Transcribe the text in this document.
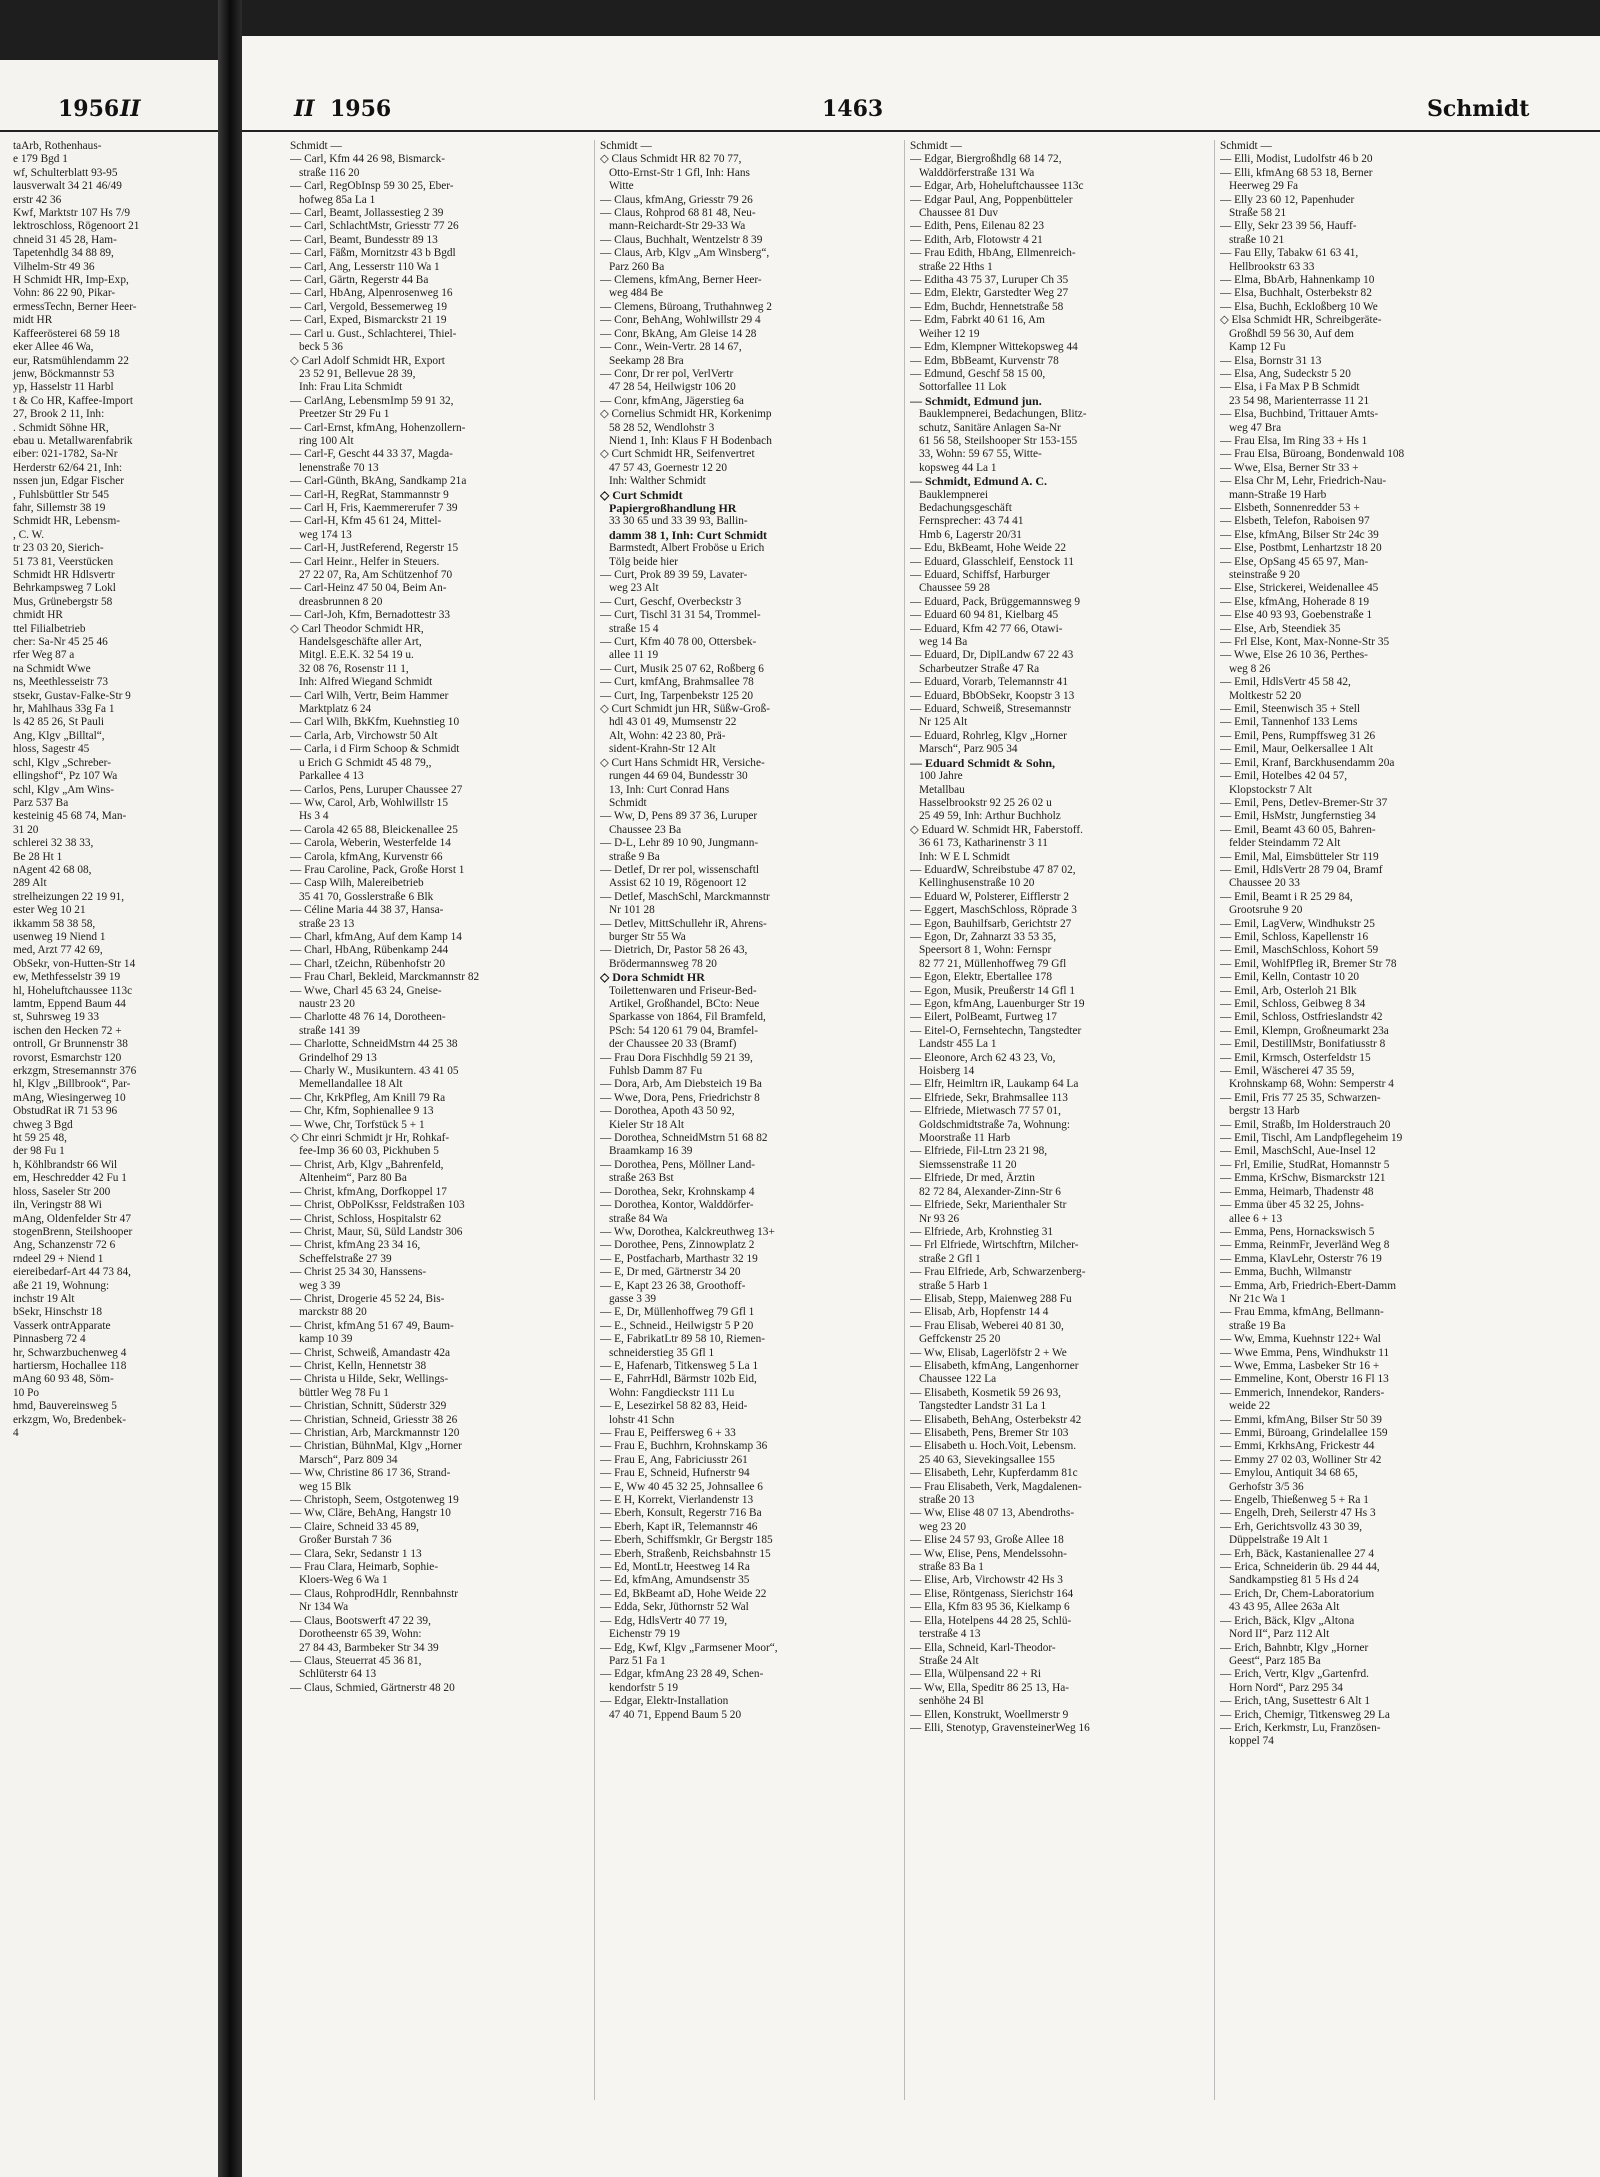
1956 II

taArb, Rothenhaus-

e 179 Bgd 1

wf, Schulterblatt 93-95

lausverwalt 34 21 46/49

erstr 42 36

Kwf, Marktstr 107 Hs 7/9

lektroschloss, Rögenoort 21

chneid 31 45 28, Ham-

Tapetenhdlg 34 88 89,

Vilhelm-Str 49 36

H Schmidt HR, Imp-Exp,

Vohn: 86 22 90, Pikar-

ermessTechn, Berner Heer-

midt HR

Kaffeerösterei 68 59 18

eker Allee 46 Wa,

eur, Ratsmühlendamm 22

jenw, Böckmannstr 53

yp, Hasselstr 11 Harbl

t & Co HR, Kaffee-Import

27, Brook 2 11, Inh:

. Schmidt Söhne HR,

ebau u. Metallwarenfabrik

eiber: 021-1782, Sa-Nr

Herderstr 62/64 21, Inh:

nssen jun, Edgar Fischer

, Fuhlsbüttler Str 545

fahr, Sillemstr 38 19

Schmidt HR, Lebensm-

, C. W.

tr 23 03 20, Sierich-

51 73 81, Veerstücken

Schmidt HR Hdlsvertr

Behrkampsweg 7 Lokl

Mus, Grünebergstr 58

chmidt HR

ttel Filialbetrieb

cher: Sa-Nr 45 25 46

rfer Weg 87 a

na Schmidt Wwe

ns, Meethlesseistr 73

stsekr, Gustav-Falke-Str 9

hr, Mahlhaus 33g Fa 1

ls 42 85 26, St Pauli

Ang, Klgv „Billtal“,

hloss, Sagestr 45

schl, Klgv „Schreber-

ellingshof“, Pz 107 Wa

schl, Klgv „Am Wins-

Parz 537 Ba

kesteinig 45 68 74, Man-

31 20

schlerei 32 38 33,

Be 28 Ht 1

nAgent 42 68 08,

289 Alt

strelheizungen 22 19 91,

ester Weg 10 21

ikkamm 58 38 58,

usenweg 19 Niend 1

med, Arzt 77 42 69,

ObSekr, von-Hutten-Str 14

ew, Methfesselstr 39 19

hl, Hoheluftchaussee 113c

lamtm, Eppend Baum 44

st, Suhrsweg 19 33

ischen den Hecken 72 +

ontroll, Gr Brunnenstr 38

rovorst, Esmarchstr 120

erkzgm, Stresemannstr 376

hl, Klgv „Billbrook“, Par-

mAng, Wiesingerweg 10

ObstudRat iR 71 53 96

chweg 3 Bgd

ht 59 25 48,

der 98 Fu 1

h, Köhlbrandstr 66 Wil

em, Heschredder 42 Fu 1

hloss, Saseler Str 200

iln, Veringstr 88 Wi

mAng, Oldenfelder Str 47

stogenBrenn, Steilshooper

Ang, Schanzenstr 72 6

rndeel 29 + Niend 1

eiereibedarf-Art 44 73 84,

aße 21 19, Wohnung:

inchstr 19 Alt

bSekr, Hinschstr 18

Vasserk ontrApparate

Pinnasberg 72 4

hr, Schwarzbuchenweg 4

hartiersm, Hochallee 118

mAng 60 93 48, Söm-

10 Po

hmd, Bauvereinsweg 5

erkzgm, Wo, Bredenbek-

4

II 1956	1463	Schmidt

Schmidt —

— Carl, Kfm 44 26 98, Bismarck-

straße 116 20

— Carl, RegObInsp 59 30 25, Eber-

hofweg 85a La 1

— Carl, Beamt, Jollassestieg 2 39

— Carl, SchlachtMstr, Griesstr 77 26

— Carl, Beamt, Bundesstr 89 13

— Carl, Fäßm, Mornitzstr 43 b Bgdl

— Carl, Ang, Lesserstr 110 Wa 1

— Carl, Gärtn, Regerstr 44 Ba

— Carl, HbAng, Alpenrosenweg 16

— Carl, Vergold, Bessemerweg 19

— Carl, Exped, Bismarckstr 21 19

— Carl u. Gust., Schlachterei, Thiel-

beck 5 36

◇ Carl Adolf Schmidt HR, Export

23 52 91, Bellevue 28 39,

Inh: Frau Lita Schmidt

— CarlAng, LebensmImp 59 91 32,

Preetzer Str 29 Fu 1

— Carl-Ernst, kfmAng, Hohenzollern-

ring 100 Alt

— Carl-F, Gescht 44 33 37, Magda-

lenenstraße 70 13

— Carl-Günth, BkAng, Sandkamp 21a

— Carl-H, RegRat, Stammannstr 9

— Carl H, Fris, Kaemmererufer 7 39

— Carl-H, Kfm 45 61 24, Mittel-

weg 174 13

— Carl-H, JustReferend, Regerstr 15

— Carl Heinr., Helfer in Steuers.

27 22 07, Ra, Am Schützenhof 70

— Carl-Heinz 47 50 04, Beim An-

dreasbrunnen 8 20

— Carl-Joh, Kfm, Bernadottestr 33

◇ Carl Theodor Schmidt HR,

Handelsgeschäfte aller Art,

Mitgl. E.E.K. 32 54 19 u.

32 08 76, Rosenstr 11 1,

Inh: Alfred Wiegand Schmidt

— Carl Wilh, Vertr, Beim Hammer

Marktplatz 6 24

— Carl Wilh, BkKfm, Kuehnstieg 10

— Carla, Arb, Virchowstr 50 Alt

— Carla, i d Firm Schoop & Schmidt

u Erich G Schmidt 45 48 79,,

Parkallee 4 13

— Carlos, Pens, Luruper Chaussee 27

— Ww, Carol, Arb, Wohlwillstr 15

Hs 3 4

— Carola 42 65 88, Bleickenallee 25

— Carola, Weberin, Westerfelde 14

— Carola, kfmAng, Kurvenstr 66

— Frau Caroline, Pack, Große Horst 1

— Casp Wilh, Malereibetrieb

35 41 70, Gosslerstraße 6 Blk

— Céline Maria 44 38 37, Hansa-

straße 23 13

— Charl, kfmAng, Auf dem Kamp 14

— Charl, HbAng, Rübenkamp 244

— Charl, tZeichn, Rübenhofstr 20

— Frau Charl, Bekleid, Marckmannstr 82

— Wwe, Charl 45 63 24, Gneise-

naustr 23 20

— Charlotte 48 76 14, Dorotheen-

straße 141 39

— Charlotte, SchneidMstrn 44 25 38

Grindelhof 29 13

— Charly W., Musikuntern. 43 41 05

Memellandallee 18 Alt

— Chr, KrkPfleg, Am Knill 79 Ra

— Chr, Kfm, Sophienallee 9 13

— Wwe, Chr, Torfstück 5 + 1

◇ Chr einri Schmidt jr Hr, Rohkaf-

fee-Imp 36 60 03, Pickhuben 5

— Christ, Arb, Klgv „Bahrenfeld,

Altenheim“, Parz 80 Ba

— Christ, kfmAng, Dorfkoppel 17

— Christ, ObPolKssr, Feldstraßen 103

— Christ, Schloss, Hospitalstr 62

— Christ, Maur, Sü, Süld Landstr 306

— Christ, kfmAng 23 34 16,

Scheffelstraße 27 39

— Christ 25 34 30, Hanssens-

weg 3 39

— Christ, Drogerie 45 52 24, Bis-

marckstr 88 20

— Christ, kfmAng 51 67 49, Baum-

kamp 10 39

— Christ, Schweiß, Amandastr 42a

— Christ, Kelln, Hennetstr 38

— Christa u Hilde, Sekr, Wellings-

büttler Weg 78 Fu 1

— Christian, Schnitt, Süderstr 329

— Christian, Schneid, Griesstr 38 26

— Christian, Arb, Marckmannstr 120

— Christian, BühnMal, Klgv „Horner

Marsch“, Parz 809 34

— Ww, Christine 86 17 36, Strand-

weg 15 Blk

— Christoph, Seem, Ostgotenweg 19

— Ww, Cläre, BehAng, Hangstr 10

— Claire, Schneid 33 45 89,

Großer Burstah 7 36

— Clara, Sekr, Sedanstr 1 13

— Frau Clara, Heimarb, Sophie-

Kloers-Weg 6 Wa 1

— Claus, RohprodHdlr, Rennbahnstr

Nr 134 Wa

— Claus, Bootswerft 47 22 39,

Dorotheenstr 65 39, Wohn:

27 84 43, Barmbeker Str 34 39

— Claus, Steuerrat 45 36 81,

Schlüterstr 64 13

— Claus, Schmied, Gärtnerstr 48 20

Schmidt —

◇ Claus Schmidt HR 82 70 77,

Otto-Ernst-Str 1 Gfl, Inh: Hans

Witte

— Claus, kfmAng, Griesstr 79 26

— Claus, Rohprod 68 81 48, Neu-

mann-Reichardt-Str 29-33 Wa

— Claus, Buchhalt, Wentzelstr 8 39

— Claus, Arb, Klgv „Am Winsberg“,

Parz 260 Ba

— Clemens, kfmAng, Berner Heer-

weg 484 Be

— Clemens, Büroang, Truthahnweg 2

— Conr, BehAng, Wohlwillstr 29 4

— Conr, BkAng, Am Gleise 14 28

— Conr., Wein-Vertr. 28 14 67,

Seekamp 28 Bra

— Conr, Dr rer pol, VerlVertr

47 28 54, Heilwigstr 106 20

— Conr, kfmAng, Jägerstieg 6a

◇ Cornelius Schmidt HR, Korkenimp

58 28 52, Wendlohstr 3

Niend 1, Inh: Klaus F H Bodenbach

◇ Curt Schmidt HR, Seifenvertret

47 57 43, Goernestr 12 20

Inh: Walther Schmidt

◇ Curt Schmidt

Papiergroßhandlung HR

33 30 65 und 33 39 93, Ballin-

damm 38 1, Inh: Curt Schmidt

Barmstedt, Albert Froböse u Erich

Tölg beide hier

— Curt, Prok 89 39 59, Lavater-

weg 23 Alt

— Curt, Geschf, Overbeckstr 3

— Curt, Tischl 31 31 54, Trommel-

straße 15 4

— Curt, Kfm 40 78 00, Ottersbek-

allee 11 19

— Curt, Musik 25 07 62, Roßberg 6

— Curt, kmfAng, Brahmsallee 78

— Curt, Ing, Tarpenbekstr 125 20

◇ Curt Schmidt jun HR, Süßw-Groß-

hdl 43 01 49, Mumsenstr 22

Alt, Wohn: 42 23 80, Prä-

sident-Krahn-Str 12 Alt

◇ Curt Hans Schmidt HR, Versiche-

rungen 44 69 04, Bundesstr 30

13, Inh: Curt Conrad Hans

Schmidt

— Ww, D, Pens 89 37 36, Luruper

Chaussee 23 Ba

— D-L, Lehr 89 10 90, Jungmann-

straße 9 Ba

— Detlef, Dr rer pol, wissenschaftl

Assist 62 10 19, Rögenoort 12

— Detlef, MaschSchl, Marckmannstr

Nr 101 28

— Detlev, MittSchullehr iR, Ahrens-

burger Str 55 Wa

— Dietrich, Dr, Pastor 58 26 43,

Brödermannsweg 78 20

◇ Dora Schmidt HR

Toilettenwaren und Friseur-Bed-

Artikel, Großhandel, BCto: Neue

Sparkasse von 1864, Fil Bramfeld,

PSch: 54 120 61 79 04, Bramfel-

der Chaussee 20 33 (Bramf)

— Frau Dora Fischhdlg 59 21 39,

Fuhlsb Damm 87 Fu

— Dora, Arb, Am Diebsteich 19 Ba

— Wwe, Dora, Pens, Friedrichstr 8

— Dorothea, Apoth 43 50 92,

Kieler Str 18 Alt

— Dorothea, SchneidMstrn 51 68 82

Braamkamp 16 39

— Dorothea, Pens, Möllner Land-

straße 263 Bst

— Dorothea, Sekr, Krohnskamp 4

— Dorothea, Kontor, Walddörfer-

straße 84 Wa

— Ww, Dorothea, Kalckreuthweg 13+

— Dorothee, Pens, Zinnowplatz 2

— E, Postfacharb, Marthastr 32 19

— E, Dr med, Gärtnerstr 34 20

— E, Kapt 23 26 38, Groothoff-

gasse 3 39

— E, Dr, Müllenhoffweg 79 Gfl 1

— E., Schneid., Heilwigstr 5 P 20

— E, FabrikatLtr 89 58 10, Riemen-

schneiderstieg 35 Gfl 1

— E, Hafenarb, Titkensweg 5 La 1

— E, FahrrHdl, Bärmstr 102b Eid,

Wohn: Fangdieckstr 111 Lu

— E, Lesezirkel 58 82 83, Heid-

lohstr 41 Schn

— Frau E, Peiffersweg 6 + 33

— Frau E, Buchhrn, Krohnskamp 36

— Frau E, Ang, Fabriciusstr 261

— Frau E, Schneid, Hufnerstr 94

— E, Ww 40 45 32 25, Johnsallee 6

— E H, Korrekt, Vierlandenstr 13

— Eberh, Konsult, Regerstr 716 Ba

— Eberh, Kapt iR, Telemannstr 46

— Eberh, Schiffsmklr, Gr Bergstr 185

— Eberh, Straßenb, Reichsbahnstr 15

— Ed, MontLtr, Heestweg 14 Ra

— Ed, kfmAng, Amundsenstr 35

— Ed, BkBeamt aD, Hohe Weide 22

— Edda, Sekr, Jüthornstr 52 Wal

— Edg, HdlsVertr 40 77 19,

Eichenstr 79 19

— Edg, Kwf, Klgv „Farmsener Moor“,

Parz 51 Fa 1

— Edgar, kfmAng 23 28 49, Schen-

kendorfstr 5 19

— Edgar, Elektr-Installation

47 40 71, Eppend Baum 5 20

Schmidt —

— Edgar, Biergroßhdlg 68 14 72,

Walddörferstraße 131 Wa

— Edgar, Arb, Hoheluftchaussee 113c

— Edgar Paul, Ang, Poppenbütteler

Chaussee 81 Duv

— Edith, Pens, Eilenau 82 23

— Edith, Arb, Flotowstr 4 21

— Frau Edith, HbAng, Ellmenreich-

straße 22 Hths 1

— Editha 43 75 37, Luruper Ch 35

— Edm, Elektr, Garstedter Weg 27

— Edm, Buchdr, Hennetstraße 58

— Edm, Fabrkt 40 61 16, Am

Weiher 12 19

— Edm, Klempner Wittekopsweg 44

— Edm, BbBeamt, Kurvenstr 78

— Edmund, Geschf 58 15 00,

Sottorfallee 11 Lok

— Schmidt, Edmund jun.

Bauklempnerei, Bedachungen, Blitz-

schutz, Sanitäre Anlagen Sa-Nr

61 56 58, Steilshooper Str 153-155

33, Wohn: 59 67 55, Witte-

kopsweg 44 La 1

— Schmidt, Edmund A. C.

Bauklempnerei

Bedachungsgeschäft

Fernsprecher: 43 74 41

Hmb 6, Lagerstr 20/31

— Edu, BkBeamt, Hohe Weide 22

— Eduard, Glasschleif, Eenstock 11

— Eduard, Schiffsf, Harburger

Chaussee 59 28

— Eduard, Pack, Brüggemannsweg 9

— Eduard 60 94 81, Kielbarg 45

— Eduard, Kfm 42 77 66, Otawi-

weg 14 Ba

— Eduard, Dr, DiplLandw 67 22 43

Scharbeutzer Straße 47 Ra

— Eduard, Vorarb, Telemannstr 41

— Eduard, BbObSekr, Koopstr 3 13

— Eduard, Schweiß, Stresemannstr

Nr 125 Alt

— Eduard, Rohrleg, Klgv „Horner

Marsch“, Parz 905 34

— Eduard Schmidt & Sohn,

100 Jahre

Metallbau

Hasselbrookstr 92 25 26 02 u

25 49 59, Inh: Arthur Buchholz

◇ Eduard W. Schmidt HR, Faberstoff.

36 61 73, Katharinenstr 3 11

Inh: W E L Schmidt

— EduardW, Schreibstube 47 87 02,

Kellinghusenstraße 10 20

— Eduard W, Polsterer, Eifflerstr 2

— Eggert, MaschSchloss, Röprade 3

— Egon, Bauhilfsarb, Gerichtstr 27

— Egon, Dr, Zahnarzt 33 53 35,

Speersort 8 1, Wohn: Fernspr

82 77 21, Müllenhoffweg 79 Gfl

— Egon, Elektr, Ebertallee 178

— Egon, Musik, Preußerstr 14 Gfl 1

— Egon, kfmAng, Lauenburger Str 19

— Eilert, PolBeamt, Furtweg 17

— Eitel-O, Fernsehtechn, Tangstedter

Landstr 455 La 1

— Eleonore, Arch 62 43 23, Vo,

Hoisberg 14

— Elfr, Heimltrn iR, Laukamp 64 La

— Elfriede, Sekr, Brahmsallee 113

— Elfriede, Mietwasch 77 57 01,

Goldschmidtstraße 7a, Wohnung:

Moorstraße 11 Harb

— Elfriede, Fil-Ltrn 23 21 98,

Siemssenstraße 11 20

— Elfriede, Dr med, Ärztin

82 72 84, Alexander-Zinn-Str 6

— Elfriede, Sekr, Marienthaler Str

Nr 93 26

— Elfriede, Arb, Krohnstieg 31

— Frl Elfriede, Wirtschftrn, Milcher-

straße 2 Gfl 1

— Frau Elfriede, Arb, Schwarzenberg-

straße 5 Harb 1

— Elisab, Stepp, Maienweg 288 Fu

— Elisab, Arb, Hopfenstr 14 4

— Frau Elisab, Weberei 40 81 30,

Geffckenstr 25 20

— Ww, Elisab, Lagerlöfstr 2 + We

— Elisabeth, kfmAng, Langenhorner

Chaussee 122 La

— Elisabeth, Kosmetik 59 26 93,

Tangstedter Landstr 31 La 1

— Elisabeth, BehAng, Osterbekstr 42

— Elisabeth, Pens, Bremer Str 103

— Elisabeth u. Hoch.Voit, Lebensm.

25 40 63, Sievekingsallee 155

— Elisabeth, Lehr, Kupferdamm 81c

— Frau Elisabeth, Verk, Magdalenen-

straße 20 13

— Ww, Elise 48 07 13, Abendroths-

weg 23 20

— Elise 24 57 93, Große Allee 18

— Ww, Elise, Pens, Mendelssohn-

straße 83 Ba 1

— Elise, Arb, Virchowstr 42 Hs 3

— Elise, Röntgenass, Sierichstr 164

— Ella, Kfm 83 95 36, Kielkamp 6

— Ella, Hotelpens 44 28 25, Schlü-

terstraße 4 13

— Ella, Schneid, Karl-Theodor-

Straße 24 Alt

— Ella, Wülpensand 22 + Ri

— Ww, Ella, Speditr 86 25 13, Ha-

senhöhe 24 Bl

— Ellen, Konstrukt, Woellmerstr 9

— Elli, Stenotyp, GravensteinerWeg 16

Schmidt —

— Elli, Modist, Ludolfstr 46 b 20

— Elli, kfmAng 68 53 18, Berner

Heerweg 29 Fa

— Elly 23 60 12, Papenhuder

Straße 58 21

— Elly, Sekr 23 39 56, Hauff-

straße 10 21

— Fau Elly, Tabakw 61 63 41,

Hellbrookstr 63 33

— Elma, BbArb, Hahnenkamp 10

— Elsa, Buchhalt, Osterbekstr 82

— Elsa, Buchh, Eckloßberg 10 We

◇ Elsa Schmidt HR, Schreibgeräte-

Großhdl 59 56 30, Auf dem

Kamp 12 Fu

— Elsa, Bornstr 31 13

— Elsa, Ang, Sudeckstr 5 20

— Elsa, i Fa Max P B Schmidt

23 54 98, Marienterrasse 11 21

— Elsa, Buchbind, Trittauer Amts-

weg 47 Bra

— Frau Elsa, Im Ring 33 + Hs 1

— Frau Elsa, Büroang, Bondenwald 108

— Wwe, Elsa, Berner Str 33 +

— Elsa Chr M, Lehr, Friedrich-Nau-

mann-Straße 19 Harb

— Elsbeth, Sonnenredder 53 +

— Elsbeth, Telefon, Raboisen 97

— Else, kfmAng, Bilser Str 24c 39

— Else, Postbmt, Lenhartzstr 18 20

— Else, OpSang 45 65 97, Man-

steinstraße 9 20

— Else, Strickerei, Weidenallee 45

— Else, kfmAng, Hoherade 8 19

— Else 40 93 93, Goebenstraße 1

— Else, Arb, Steendiek 35

— Frl Else, Kont, Max-Nonne-Str 35

— Wwe, Else 26 10 36, Perthes-

weg 8 26

— Emil, HdlsVertr 45 58 42,

Moltkestr 52 20

— Emil, Steenwisch 35 + Stell

— Emil, Tannenhof 133 Lems

— Emil, Pens, Rumpffsweg 31 26

— Emil, Maur, Oelkersallee 1 Alt

— Emil, Kranf, Barckhusendamm 20a

— Emil, Hotelbes 42 04 57,

Klopstockstr 7 Alt

— Emil, Pens, Detlev-Bremer-Str 37

— Emil, HsMstr, Jungfernstieg 34

— Emil, Beamt 43 60 05, Bahren-

felder Steindamm 72 Alt

— Emil, Mal, Eimsbütteler Str 119

— Emil, HdlsVertr 28 79 04, Bramf

Chaussee 20 33

— Emil, Beamt i R 25 29 84,

Grootsruhe 9 20

— Emil, LagVerw, Windhukstr 25

— Emil, Schloss, Kapellenstr 16

— Emil, MaschSchloss, Kohort 59

— Emil, WohlfPfleg iR, Bremer Str 78

— Emil, Kelln, Contastr 10 20

— Emil, Arb, Osterloh 21 Blk

— Emil, Schloss, Geibweg 8 34

— Emil, Schloss, Ostfrieslandstr 42

— Emil, Klempn, Großneumarkt 23a

— Emil, DestillMstr, Bonifatiusstr 8

— Emil, Krmsch, Osterfeldstr 15

— Emil, Wäscherei 47 35 59,

Krohnskamp 68, Wohn: Semperstr 4

— Emil, Fris 77 25 35, Schwarzen-

bergstr 13 Harb

— Emil, Straßb, Im Holderstrauch 20

— Emil, Tischl, Am Landpflegeheim 19

— Emil, MaschSchl, Aue-Insel 12

— Frl, Emilie, StudRat, Homannstr 5

— Emma, KrSchw, Bismarckstr 121

— Emma, Heimarb, Thadenstr 48

— Emma über 45 32 25, Johns-

allee 6 + 13

— Emma, Pens, Hornackswisch 5

— Emma, ReinmFr, Jeverländ Weg 8

— Emma, KlavLehr, Osterstr 76 19

— Emma, Buchh, Wilmanstr

— Emma, Arb, Friedrich-Ebert-Damm

Nr 21c Wa 1

— Frau Emma, kfmAng, Bellmann-

straße 19 Ba

— Ww, Emma, Kuehnstr 122+ Wal

— Wwe Emma, Pens, Windhukstr 11

— Wwe, Emma, Lasbeker Str 16 +

— Emmeline, Kont, Oberstr 16 Fl 13

— Emmerich, Innendekor, Randers-

weide 22

— Emmi, kfmAng, Bilser Str 50 39

— Emmi, Büroang, Grindelallee 159

— Emmi, KrkhsAng, Frickestr 44

— Emmy 27 02 03, Wolliner Str 42

— Emylou, Antiquit 34 68 65,

Gerhofstr 3/5 36

— Engelb, Thießenweg 5 + Ra 1

— Engelh, Dreh, Seilerstr 47 Hs 3

— Erh, Gerichtsvollz 43 30 39,

Düppelstraße 19 Alt 1

— Erh, Bäck, Kastanienallee 27 4

— Erica, Schneiderin üb. 29 44 44,

Sandkampstieg 81 5 Hs d 24

— Erich, Dr, Chem-Laboratorium

43 43 95, Allee 263a Alt

— Erich, Bäck, Klgv „Altona

Nord II“, Parz 112 Alt

— Erich, Bahnbtr, Klgv „Horner

Geest“, Parz 185 Ba

— Erich, Vertr, Klgv „Gartenfrd.

Horn Nord“, Parz 295 34

— Erich, tAng, Susettestr 6 Alt 1

— Erich, Chemigr, Titkensweg 29 La

— Erich, Kerkmstr, Lu, Französen-

koppel 74
